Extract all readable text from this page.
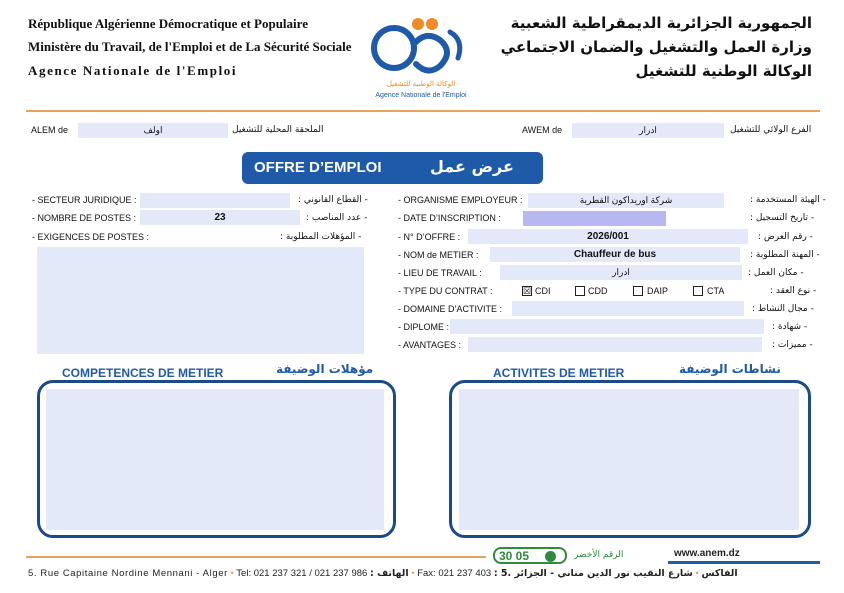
République Algérienne Démocratique et Populaire
Ministère du Travail, de l'Emploi et de La Sécurité Sociale
Agence Nationale de l'Emploi
الجمهورية الجزائرية الديمقراطية الشعبية
وزارة العمل والتشغيل والضمان الاجتماعي
الوكالة الوطنية للتشغيل
الوكالة الوطنية للتشغيل
Agence Nationale de l'Emploi
ALEM de	اولف	الملحقة المحلية للتشغيل	AWEM de	ادرار	الفرع الولائي للتشغيل
OFFRE D’EMPLOI	عرض عمل
- SECTEUR JURIDIQUE :	- القطاع القانوني :
- NOMBRE DE POSTES :	23	- عدد المناصب :
- EXIGENCES DE POSTES :	- المؤهلات المطلوبة :
- ORGANISME EMPLOYEUR :	شركة اوريداكون القطرية	- الهيئة المستخدمة :
- DATE D’INSCRIPTION :	- تاريخ التسجيل :
- N° D’OFFRE :	2026/001	- رقم العرض :
- NOM de METIER :	Chauffeur de bus	- المهنة المطلوبة :
- LIEU DE TRAVAIL :	ادرار	- مكان العمل :
- TYPE DU CONTRAT :	☒ CDI	CDD	DAIP	CTA	- نوع العقد :
- DOMAINE D’ACTIVITE :	- مجال النشاط :
- DIPLOME :	- شهادة :
- AVANTAGES :	- مميزات :
COMPETENCES DE METIER	مؤهلات الوضيفة	ACTIVITES DE METIER	نشاطات الوضيفة
30 05	الرقم الأخضر	www.anem.dz
5. Rue Capitaine Nordine Mennani - Alger • Tel: 021 237 321 / 021 237 986 : الهاتف • Fax: 021 237 403 : الفاكس • شارع النقيب نور الدين مناني - الجزائر .5
